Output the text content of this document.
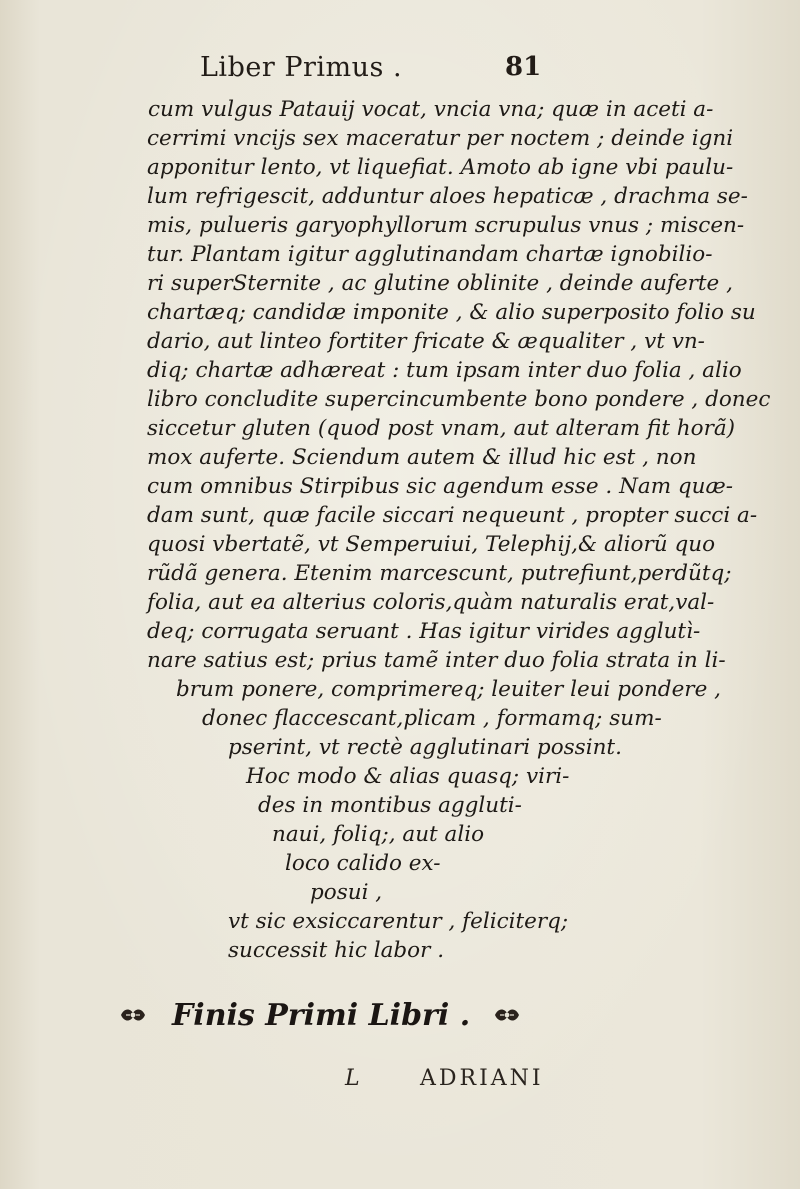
Liber Primus .	81
cum vulgus Patauij vocat, vncia vna; quæ in aceti a-
cerrimi vncijs sex maceratur per noctem ; deinde igni
apponitur lento, vt liquefiat. Amoto ab igne vbi paulu-
lum refrigescit, adduntur aloes hepaticæ , drachma se-
mis, pulueris garyophyllorum scrupulus vnus ; miscen-
tur. Plantam igitur agglutinandam chartæ ignobilio-
ri superSternite , ac glutine oblinite , deinde auferte ,
chartæq; candidæ imponite , & alio superposito folio su
dario, aut linteo fortiter fricate & æqualiter , vt vn-
diq; chartæ adhæreat : tum ipsam inter duo folia , alio
libro concludite supercincumbente bono pondere , donec
siccetur gluten (quod post vnam, aut alteram fit horã)
mox auferte. Sciendum autem & illud hic est , non
cum omnibus Stirpibus sic agendum esse . Nam quæ-
dam sunt, quæ facile siccari nequeunt , propter succi a-
quosi vbertatẽ, vt Semperuiui, Telephij,& aliorũ quo
rũdã genera. Etenim marcescunt, putrefiunt,perdũtq;
folia, aut ea alterius coloris,quàm naturalis erat,val-
deq; corrugata seruant . Has igitur virides agglutì-
nare satius est; prius tamẽ inter duo folia strata in li-
brum ponere, comprimereq; leuiter leui pondere ,
donec flaccescant,plicam , formamq; sum-
pserint, vt rectè agglutinari possint.
Hoc modo & alias quasq; viri-
des in montibus aggluti-
naui, foliq;, aut alio
loco calido ex-
posui ,
vt sic exsiccarentur , feliciterq;
successit hic labor .
Finis Primi Libri .
L	ADRIANI
